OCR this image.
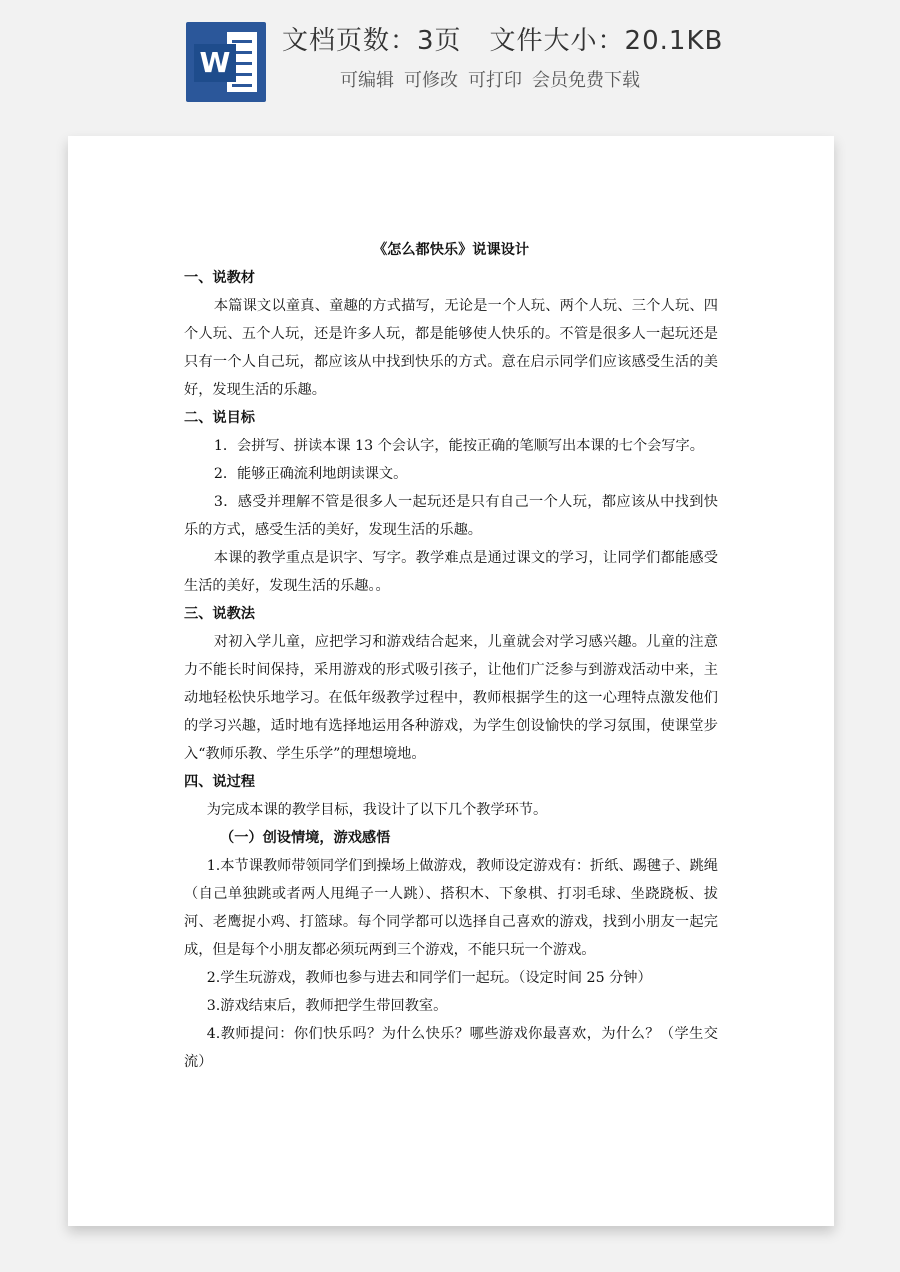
W
文档页数：3页 文件大小：20.1KB
可编辑 可修改 可打印 会员免费下载

《怎么都快乐》说课设计

一、说教材

本篇课文以童真、童趣的方式描写，无论是一个人玩、两个人玩、三个人玩、四个人玩、五个人玩，还是许多人玩，都是能够使人快乐的。不管是很多人一起玩还是只有一个人自己玩，都应该从中找到快乐的方式。意在启示同学们应该感受生活的美好，发现生活的乐趣。

二、说目标

1．会拼写、拼读本课 13 个会认字，能按正确的笔顺写出本课的七个会写字。

2．能够正确流利地朗读课文。

3．感受并理解不管是很多人一起玩还是只有自己一个人玩，都应该从中找到快乐的方式，感受生活的美好，发现生活的乐趣。

本课的教学重点是识字、写字。教学难点是通过课文的学习，让同学们都能感受生活的美好，发现生活的乐趣。。

三、说教法

对初入学儿童，应把学习和游戏结合起来，儿童就会对学习感兴趣。儿童的注意力不能长时间保持，采用游戏的形式吸引孩子，让他们广泛参与到游戏活动中来，主动地轻松快乐地学习。在低年级教学过程中，教师根据学生的这一心理特点激发他们的学习兴趣，适时地有选择地运用各种游戏，为学生创设愉快的学习氛围，使课堂步入“教师乐教、学生乐学”的理想境地。

四、说过程

为完成本课的教学目标，我设计了以下几个教学环节。

（一）创设情境，游戏感悟

1.本节课教师带领同学们到操场上做游戏，教师设定游戏有：折纸、踢毽子、跳绳（自己单独跳或者两人甩绳子一人跳）、搭积木、下象棋、打羽毛球、坐跷跷板、拔河、老鹰捉小鸡、打篮球。每个同学都可以选择自己喜欢的游戏，找到小朋友一起完成，但是每个小朋友都必须玩两到三个游戏，不能只玩一个游戏。

2.学生玩游戏，教师也参与进去和同学们一起玩。（设定时间 25 分钟）

3.游戏结束后，教师把学生带回教室。

4.教师提问：你们快乐吗？为什么快乐？哪些游戏你最喜欢，为什么？（学生交流）
